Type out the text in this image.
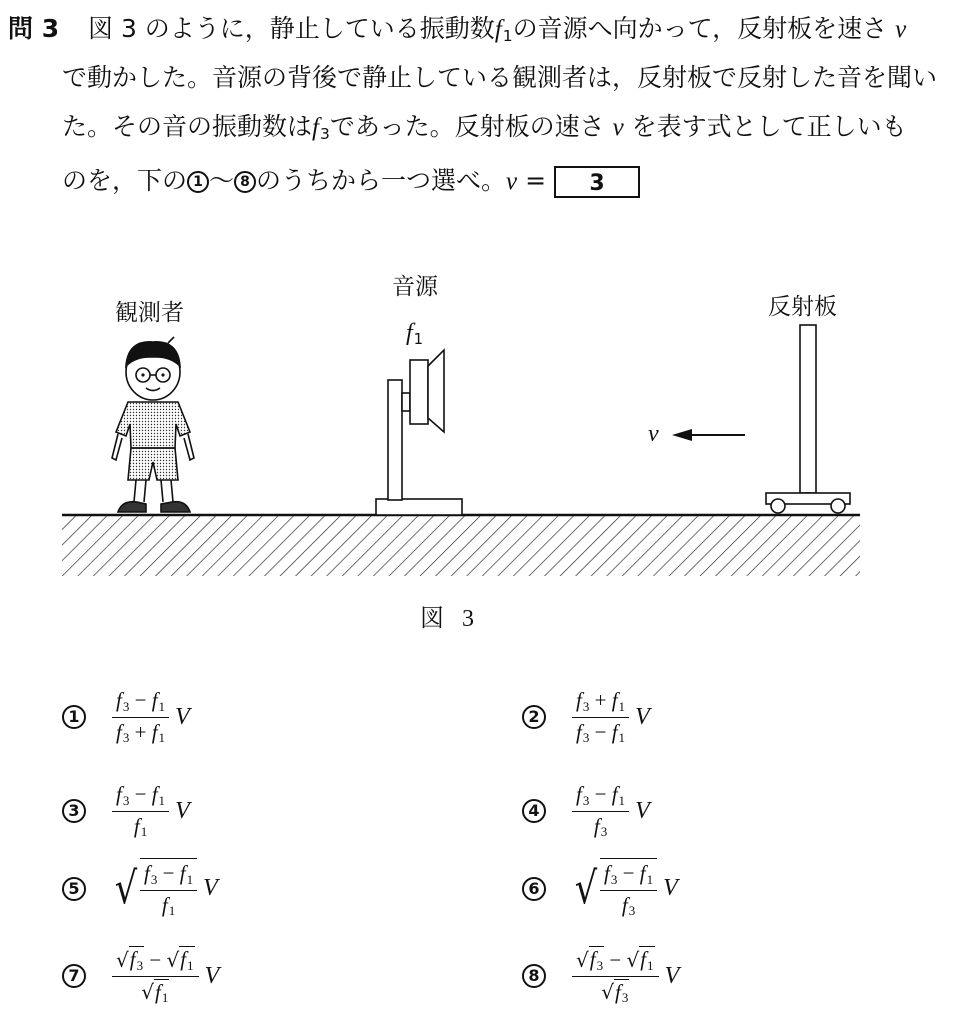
問 3 図 3 のように，静止している振動数$f_1$の音源へ向かって，反射板を速さ v
で動かした。音源の背後で静止している観測者は，反射板で反射した音を聞い
た。その音の振動数は$f_3$であった。反射板の速さ v を表す式として正しいも
のを，下の 1 ～ 8 のうちから一つ選べ。v = 3
観測者
音源
$f_1$
反射板
v
図3
1	$\frac{f_3 - f_1}{f_3 + f_1}$ V	2	$\frac{f_3 + f_1}{f_3 - f_1}$ V
3	$\frac{f_3 - f_1}{f_1}$ V	4	$\frac{f_3 - f_1}{f_3}$ V
5 √ $\frac{f_3 - f_1}{f_1}$ V	6 √ $\frac{f_3 - f_1}{f_3}$ V
7	$\frac{√ f_3 - √ f_1}{√ f_1}$ V	8	$\frac{√ f_3 - √ f_1}{√ f_3}$ V
